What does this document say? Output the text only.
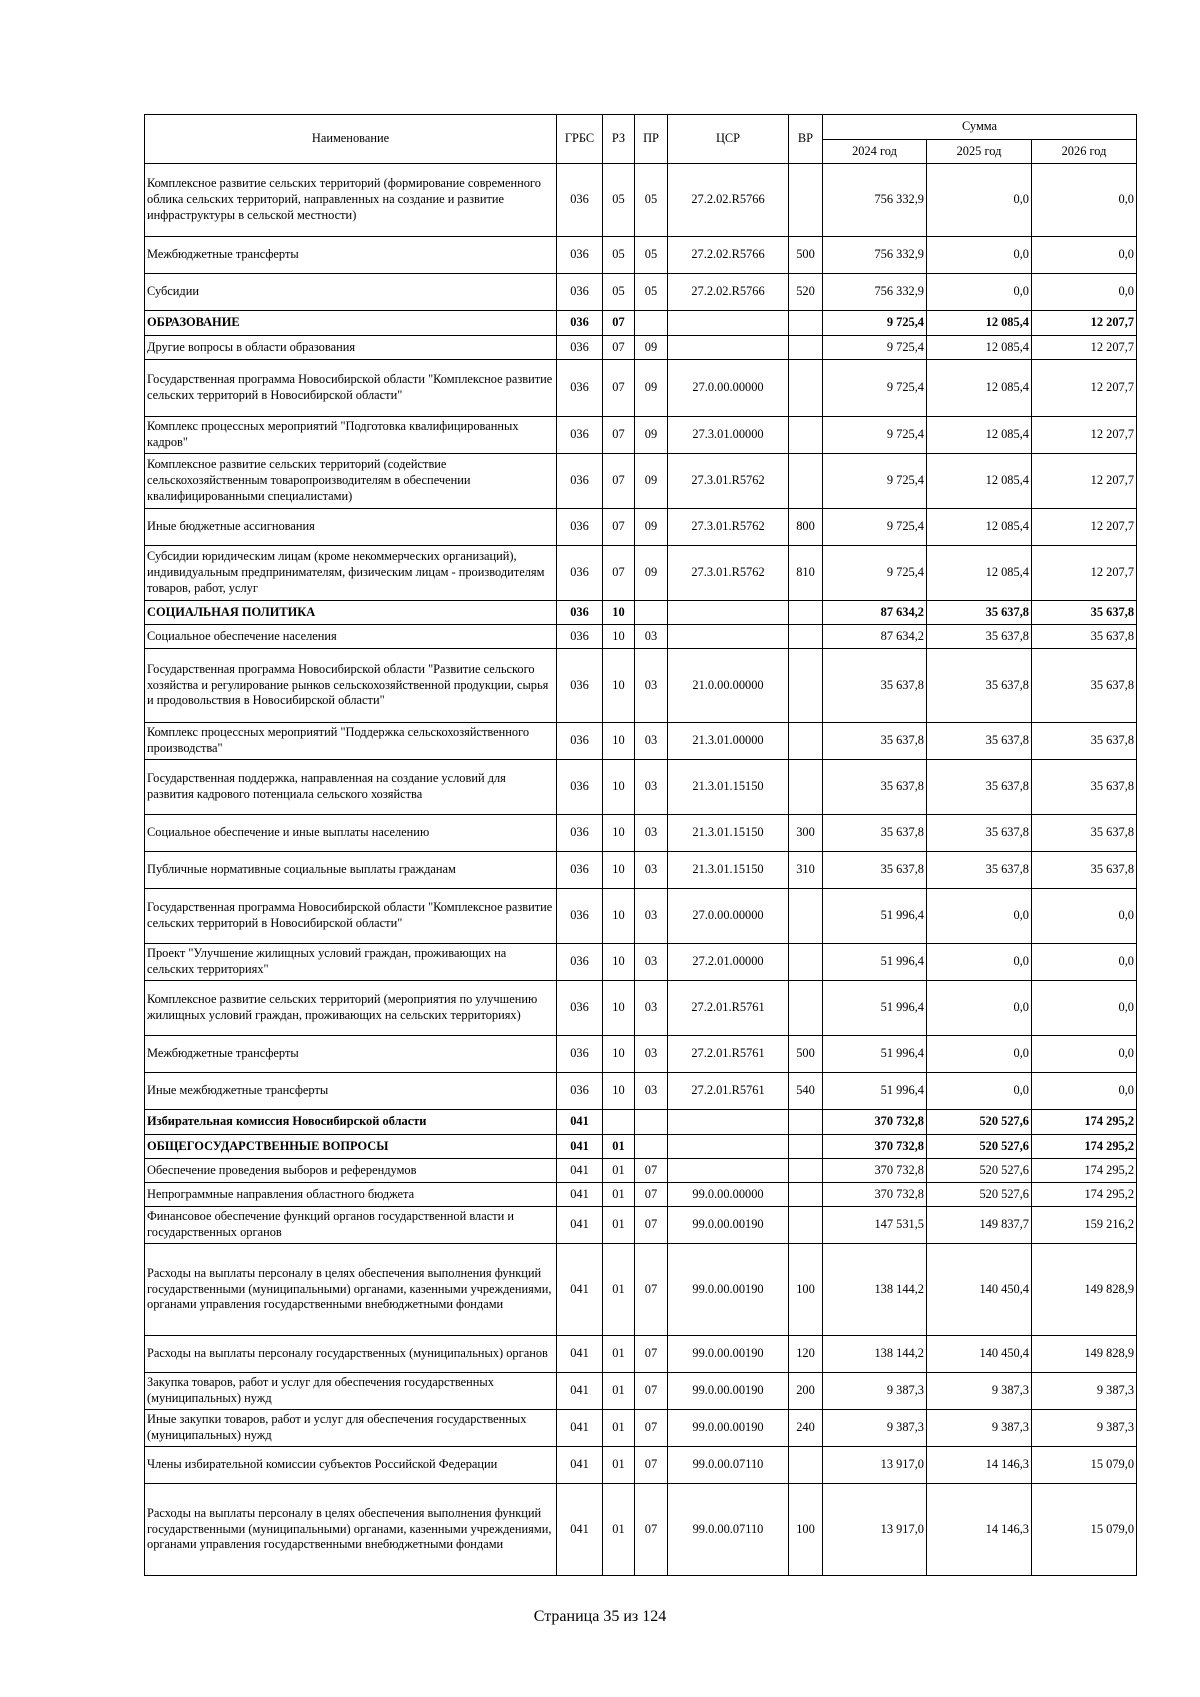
Наименование	ГРБС	РЗ	ПР	ЦСР	ВР	Сумма		
						2024 год	2025 год	2026 год
Комплексное развитие сельских территорий (формирование современного облика сельских территорий, направленных на создание и развитие инфраструктуры в сельской местности)	036	05	05	27.2.02.R5766		756 332,9	0,0	0,0
Межбюджетные трансферты	036	05	05	27.2.02.R5766	500	756 332,9	0,0	0,0
Субсидии	036	05	05	27.2.02.R5766	520	756 332,9	0,0	0,0
ОБРАЗОВАНИЕ	036	07				9 725,4	12 085,4	12 207,7
Другие вопросы в области образования	036	07	09			9 725,4	12 085,4	12 207,7
Государственная программа Новосибирской области "Комплексное развитие сельских территорий в Новосибирской области"	036	07	09	27.0.00.00000		9 725,4	12 085,4	12 207,7
Комплекс процессных мероприятий "Подготовка квалифицированных кадров"	036	07	09	27.3.01.00000		9 725,4	12 085,4	12 207,7
Комплексное развитие сельских территорий (содействие сельскохозяйственным товаропроизводителям в обеспечении квалифицированными специалистами)	036	07	09	27.3.01.R5762		9 725,4	12 085,4	12 207,7
Иные бюджетные ассигнования	036	07	09	27.3.01.R5762	800	9 725,4	12 085,4	12 207,7
Субсидии юридическим лицам (кроме некоммерческих организаций), индивидуальным предпринимателям, физическим лицам - производителям товаров, работ, услуг	036	07	09	27.3.01.R5762	810	9 725,4	12 085,4	12 207,7
СОЦИАЛЬНАЯ ПОЛИТИКА	036	10				87 634,2	35 637,8	35 637,8
Социальное обеспечение населения	036	10	03			87 634,2	35 637,8	35 637,8
Государственная программа Новосибирской области "Развитие сельского хозяйства и регулирование рынков сельскохозяйственной продукции, сырья и продовольствия в Новосибирской области"	036	10	03	21.0.00.00000		35 637,8	35 637,8	35 637,8
Комплекс процессных мероприятий "Поддержка сельскохозяйственного производства"	036	10	03	21.3.01.00000		35 637,8	35 637,8	35 637,8
Государственная поддержка, направленная на создание условий для развития кадрового потенциала сельского хозяйства	036	10	03	21.3.01.15150		35 637,8	35 637,8	35 637,8
Социальное обеспечение и иные выплаты населению	036	10	03	21.3.01.15150	300	35 637,8	35 637,8	35 637,8
Публичные нормативные социальные выплаты гражданам	036	10	03	21.3.01.15150	310	35 637,8	35 637,8	35 637,8
Государственная программа Новосибирской области "Комплексное развитие сельских территорий в Новосибирской области"	036	10	03	27.0.00.00000		51 996,4	0,0	0,0
Проект "Улучшение жилищных условий граждан, проживающих на сельских территориях"	036	10	03	27.2.01.00000		51 996,4	0,0	0,0
Комплексное развитие сельских территорий (мероприятия по улучшению жилищных условий граждан, проживающих на сельских территориях)	036	10	03	27.2.01.R5761		51 996,4	0,0	0,0
Межбюджетные трансферты	036	10	03	27.2.01.R5761	500	51 996,4	0,0	0,0
Иные межбюджетные трансферты	036	10	03	27.2.01.R5761	540	51 996,4	0,0	0,0
Избирательная комиссия Новосибирской области	041					370 732,8	520 527,6	174 295,2
ОБЩЕГОСУДАРСТВЕННЫЕ ВОПРОСЫ	041	01				370 732,8	520 527,6	174 295,2
Обеспечение проведения выборов и референдумов	041	01	07			370 732,8	520 527,6	174 295,2
Непрограммные направления областного бюджета	041	01	07	99.0.00.00000		370 732,8	520 527,6	174 295,2
Финансовое обеспечение функций органов государственной власти и государственных органов	041	01	07	99.0.00.00190		147 531,5	149 837,7	159 216,2
Расходы на выплаты персоналу в целях обеспечения выполнения функций государственными (муниципальными) органами, казенными учреждениями, органами управления государственными внебюджетными фондами	041	01	07	99.0.00.00190	100	138 144,2	140 450,4	149 828,9
Расходы на выплаты персоналу государственных (муниципальных) органов	041	01	07	99.0.00.00190	120	138 144,2	140 450,4	149 828,9
Закупка товаров, работ и услуг для обеспечения государственных (муниципальных) нужд	041	01	07	99.0.00.00190	200	9 387,3	9 387,3	9 387,3
Иные закупки товаров, работ и услуг для обеспечения государственных (муниципальных) нужд	041	01	07	99.0.00.00190	240	9 387,3	9 387,3	9 387,3
Члены избирательной комиссии субъектов Российской Федерации	041	01	07	99.0.00.07110		13 917,0	14 146,3	15 079,0
Расходы на выплаты персоналу в целях обеспечения выполнения функций государственными (муниципальными) органами, казенными учреждениями, органами управления государственными внебюджетными фондами	041	01	07	99.0.00.07110	100	13 917,0	14 146,3	15 079,0
Страница 35 из 124
